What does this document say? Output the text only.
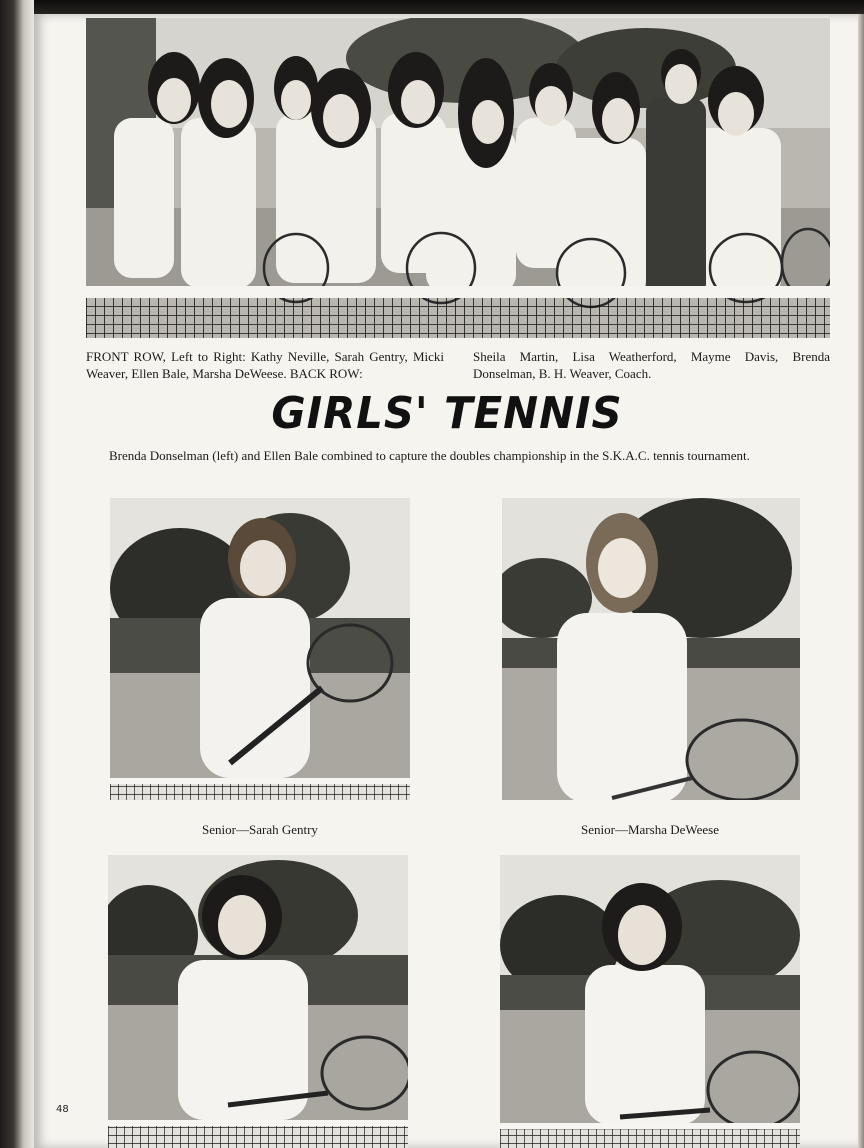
FRONT ROW, Left to Right: Kathy Neville, Sarah Gentry, Micki Weaver, Ellen Bale, Marsha DeWeese. BACK ROW:
Sheila Martin, Lisa Weatherford, Mayme Davis, Brenda Donselman, B. H. Weaver, Coach.
GIRLS' TENNIS
Brenda Donselman (left) and Ellen Bale combined to capture the doubles championship in the S.K.A.C. tennis tournament.
Senior—Sarah Gentry	Senior—Marsha DeWeese
48
